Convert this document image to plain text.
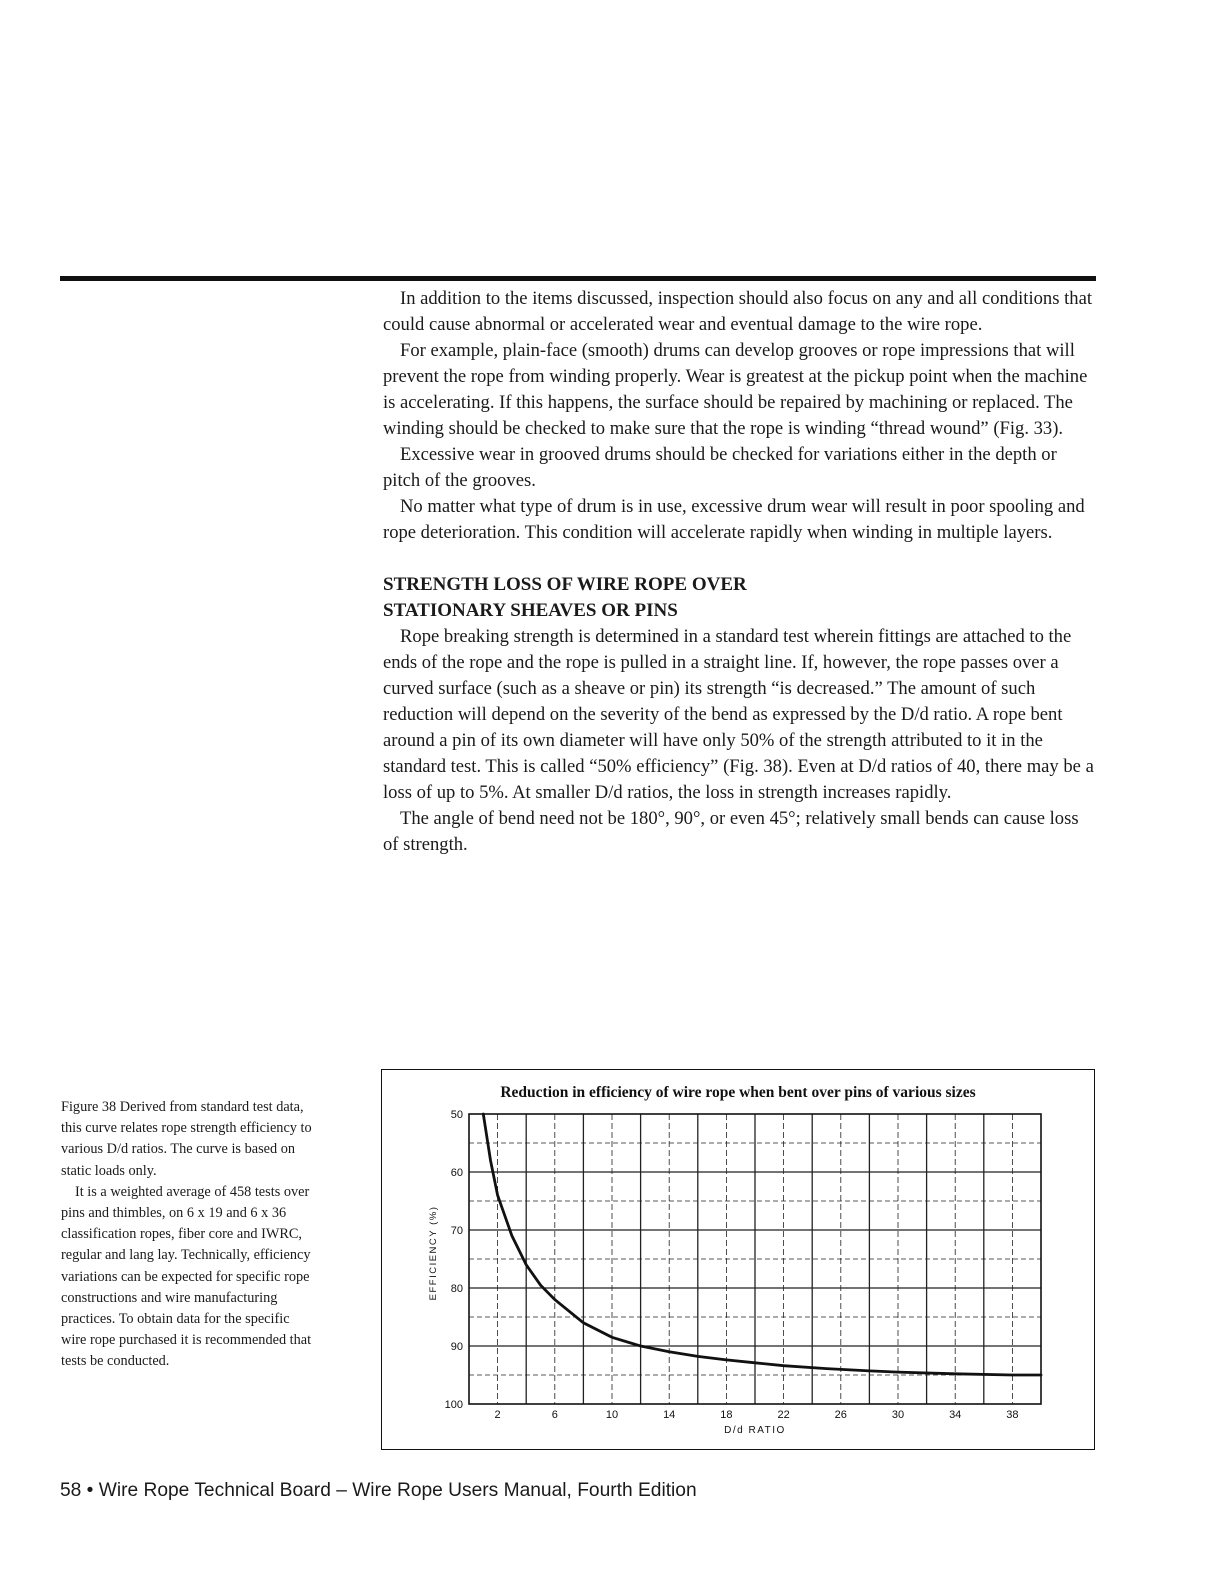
In addition to the items discussed, inspection should also focus on any and all conditions that could cause abnormal or accelerated wear and eventual damage to the wire rope.

For example, plain-face (smooth) drums can develop grooves or rope impressions that will prevent the rope from winding properly. Wear is greatest at the pickup point when the machine is accelerating. If this happens, the surface should be repaired by machining or replaced. The winding should be checked to make sure that the rope is winding “thread wound” (Fig. 33).

Excessive wear in grooved drums should be checked for variations either in the depth or pitch of the grooves.

No matter what type of drum is in use, excessive drum wear will result in poor spooling and rope deterioration. This condition will accelerate rapidly when winding in multiple layers.

STRENGTH LOSS OF WIRE ROPE OVER
STATIONARY SHEAVES OR PINS

Rope breaking strength is determined in a standard test wherein fittings are attached to the ends of the rope and the rope is pulled in a straight line. If, however, the rope passes over a curved surface (such as a sheave or pin) its strength “is decreased.” The amount of such reduction will depend on the severity of the bend as expressed by the D/d ratio. A rope bent around a pin of its own diameter will have only 50% of the strength attributed to it in the standard test. This is called “50% efficiency” (Fig. 38). Even at D/d ratios of 40, there may be a loss of up to 5%. At smaller D/d ratios, the loss in strength increases rapidly.

The angle of bend need not be 180°, 90°, or even 45°; relatively small bends can cause loss of strength.

Figure 38 Derived from standard test data, this curve relates rope strength efficiency to various D/d ratios. The curve is based on static loads only.

It is a weighted average of 458 tests over pins and thimbles, on 6 x 19 and 6 x 36 classification ropes, fiber core and IWRC, regular and lang lay. Technically, efficiency variations can be expected for specific rope constructions and wire manufacturing practices. To obtain data for the specific wire rope purchased it is recommended that tests be conducted.

Reduction in efficiency of wire rope when bent over pins of various sizes
50
60
70
80
90
100
2	6	10	14	18	22	26	30	34	38
EFFICIENCY (%)
D/d RATIO
58 • Wire Rope Technical Board – Wire Rope Users Manual, Fourth Edition
